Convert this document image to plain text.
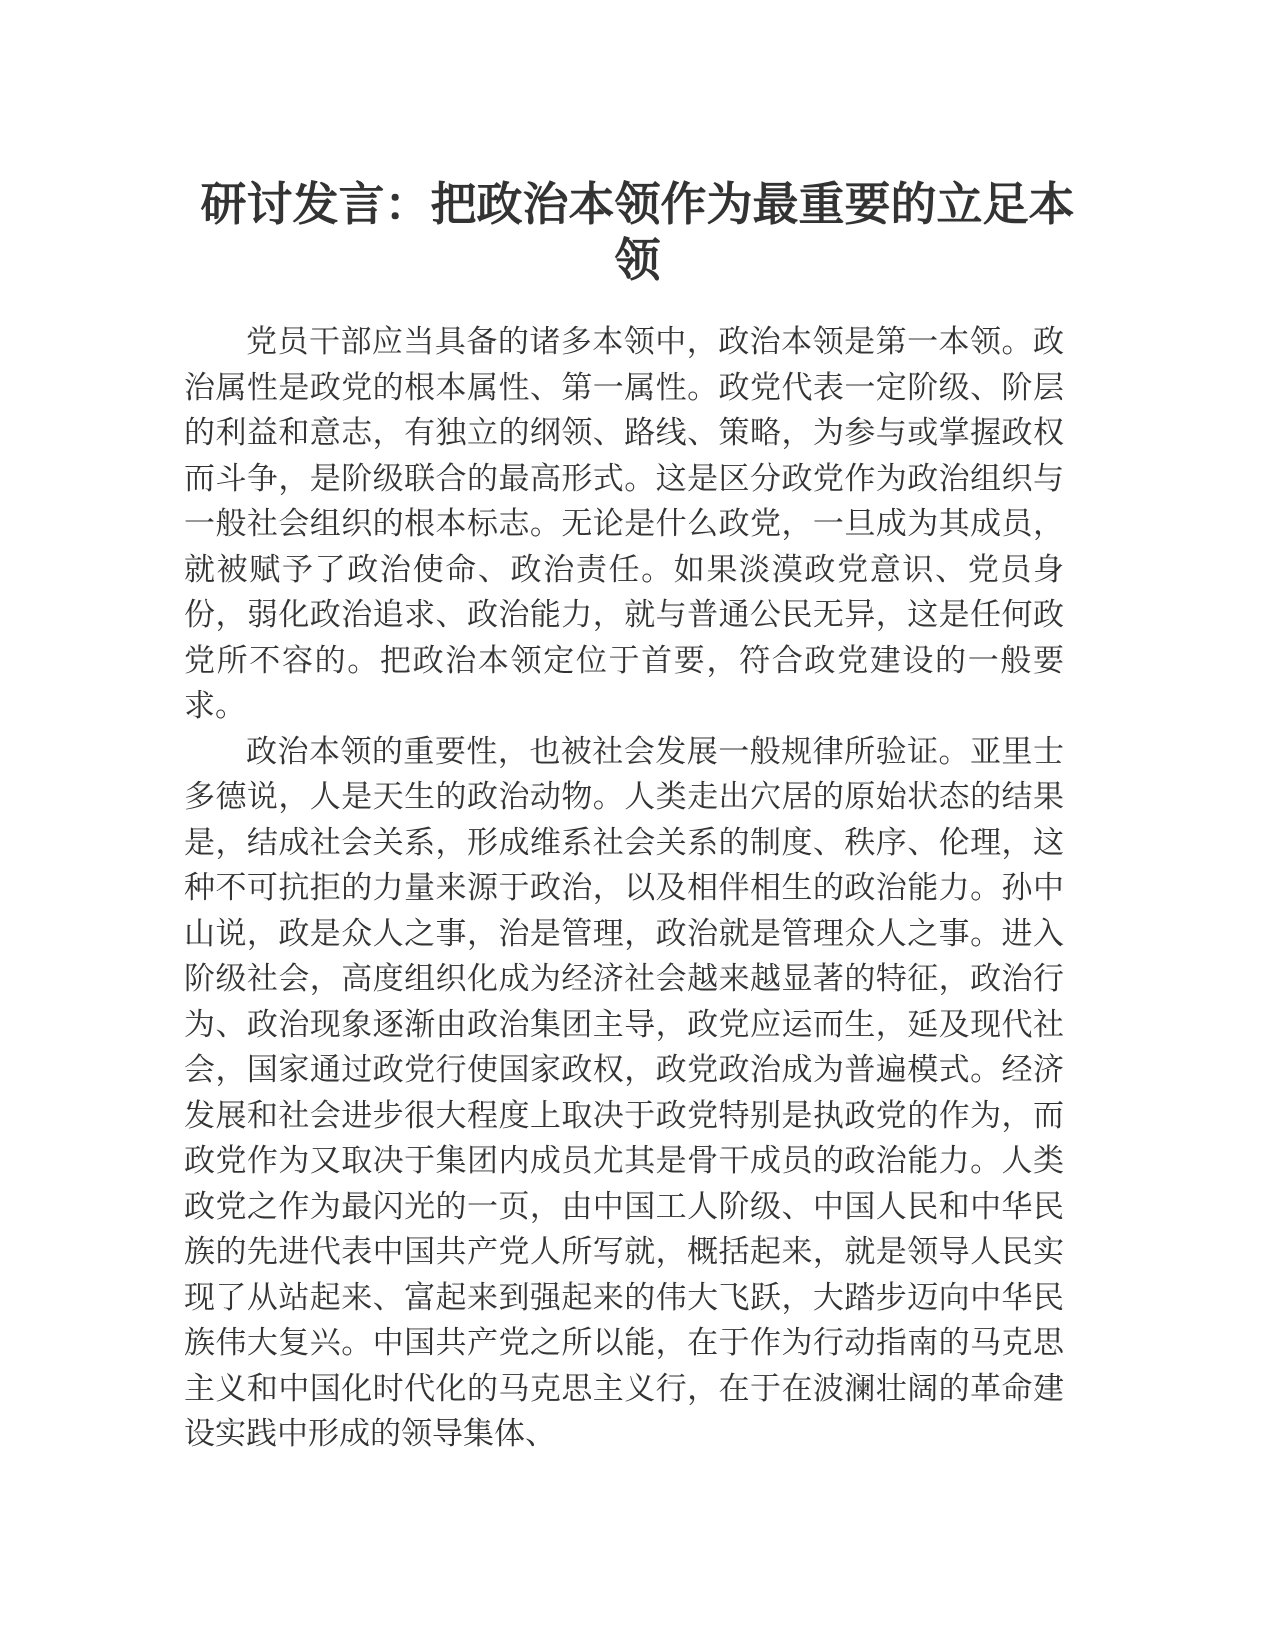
研讨发言：把政治本领作为最重要的立足本领

党员干部应当具备的诸多本领中，政治本领是第一本领。政治属性是政党的根本属性、第一属性。政党代表一定阶级、阶层的利益和意志，有独立的纲领、路线、策略，为参与或掌握政权而斗争，是阶级联合的最高形式。这是区分政党作为政治组织与一般社会组织的根本标志。无论是什么政党，一旦成为其成员，就被赋予了政治使命、政治责任。如果淡漠政党意识、党员身份，弱化政治追求、政治能力，就与普通公民无异，这是任何政党所不容的。把政治本领定位于首要，符合政党建设的一般要求。

政治本领的重要性，也被社会发展一般规律所验证。亚里士多德说，人是天生的政治动物。人类走出穴居的原始状态的结果是，结成社会关系，形成维系社会关系的制度、秩序、伦理，这种不可抗拒的力量来源于政治，以及相伴相生的政治能力。孙中山说，政是众人之事，治是管理，政治就是管理众人之事。进入阶级社会，高度组织化成为经济社会越来越显著的特征，政治行为、政治现象逐渐由政治集团主导，政党应运而生，延及现代社会，国家通过政党行使国家政权，政党政治成为普遍模式。经济发展和社会进步很大程度上取决于政党特别是执政党的作为，而政党作为又取决于集团内成员尤其是骨干成员的政治能力。人类政党之作为最闪光的一页，由中国工人阶级、中国人民和中华民族的先进代表中国共产党人所写就，概括起来，就是领导人民实现了从站起来、富起来到强起来的伟大飞跃，大踏步迈向中华民族伟大复兴。中国共产党之所以能，在于作为行动指南的马克思主义和中国化时代化的马克思主义行，在于在波澜壮阔的革命建设实践中形成的领导集体、
